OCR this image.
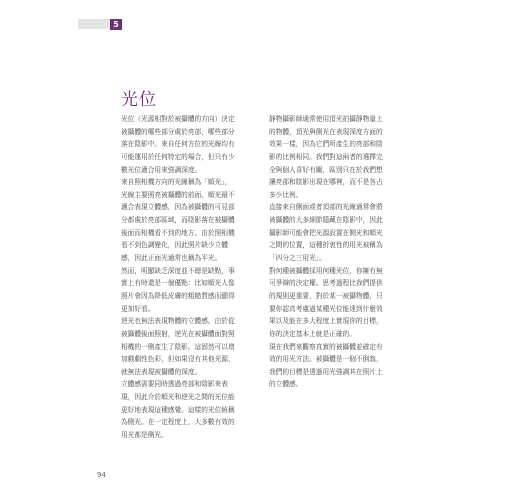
5
光位
光位（光源相對於被攝體的方向）決定
被攝體的哪些部分處於亮部，哪些部分
落在陰影中。來自任何方位的光線均有
可能運用於任何特定的場合，但只有少
數光位適合用來強調深度。
來自照相機方向的光線稱為「順光」，
光線主要照亮被攝體的前面。順光最不
適合表現立體感，因為被攝體的可見部
分都處於亮部區域，而陰影落在被攝體
後面而相機看不到的地方。由於照相機
看不到色調變化，因此照片缺少立體
感，因此正面光通常也稱為平光。
然而，明顯缺乏深度並不總是缺點，事
實上有時還是一個優點：比如順光人像
照片會因為降低皮膚的粗糙質感而顯得
更加好看。
逆光也無法表現物體的立體感。由於從
被攝體後面照射，逆光在被攝體面對照
相機的一側產生了陰影。這固然可以增
加戲劇性色彩，但如果沒有其他光源，
就無法表現被攝體的深度。
立體感需要同時透過亮部和陰影來表
現，因此介於順光和逆光之間的光位能
更好地表現這種感覺。這樣的光位統稱
為側光。在一定程度上，大多數有效的
用光都是側光。
靜物攝影師通常使用頂光拍攝靜物量上
的物體，頂光與側光在表現深度方面的
效果一樣，因為它們所產生的亮部和陰
影的比例相同。我們對這兩者的選擇完
全與個人喜好有關，區別只在於我們想
讓亮部和陰影出現在哪裡，而不是各占
多少比例。
直接來自側面或者頂部的光線通常會將
被攝體的大多細節隱藏在陰影中，因此
攝影師可能會把光源設置在側光和順光
之間的位置，這種折衷性的用光被稱為
「四分之三用光」。
對何種被攝體採用何種光位，你擁有無
可爭辯的決定權。思考過程比我們提供
的規則更重要，對於某一被攝物體，只
要你認真考慮過某種光位能達到什麼效
果以及能在多大程度上實現你的目標，
你的決定基本上就是正確的。
現在我們來觀察真實的被攝體並確定有
效的用光方法。被攝體是一個不倒翁，
我們的目標是透過用光強調其在照片上
的立體感。
94
